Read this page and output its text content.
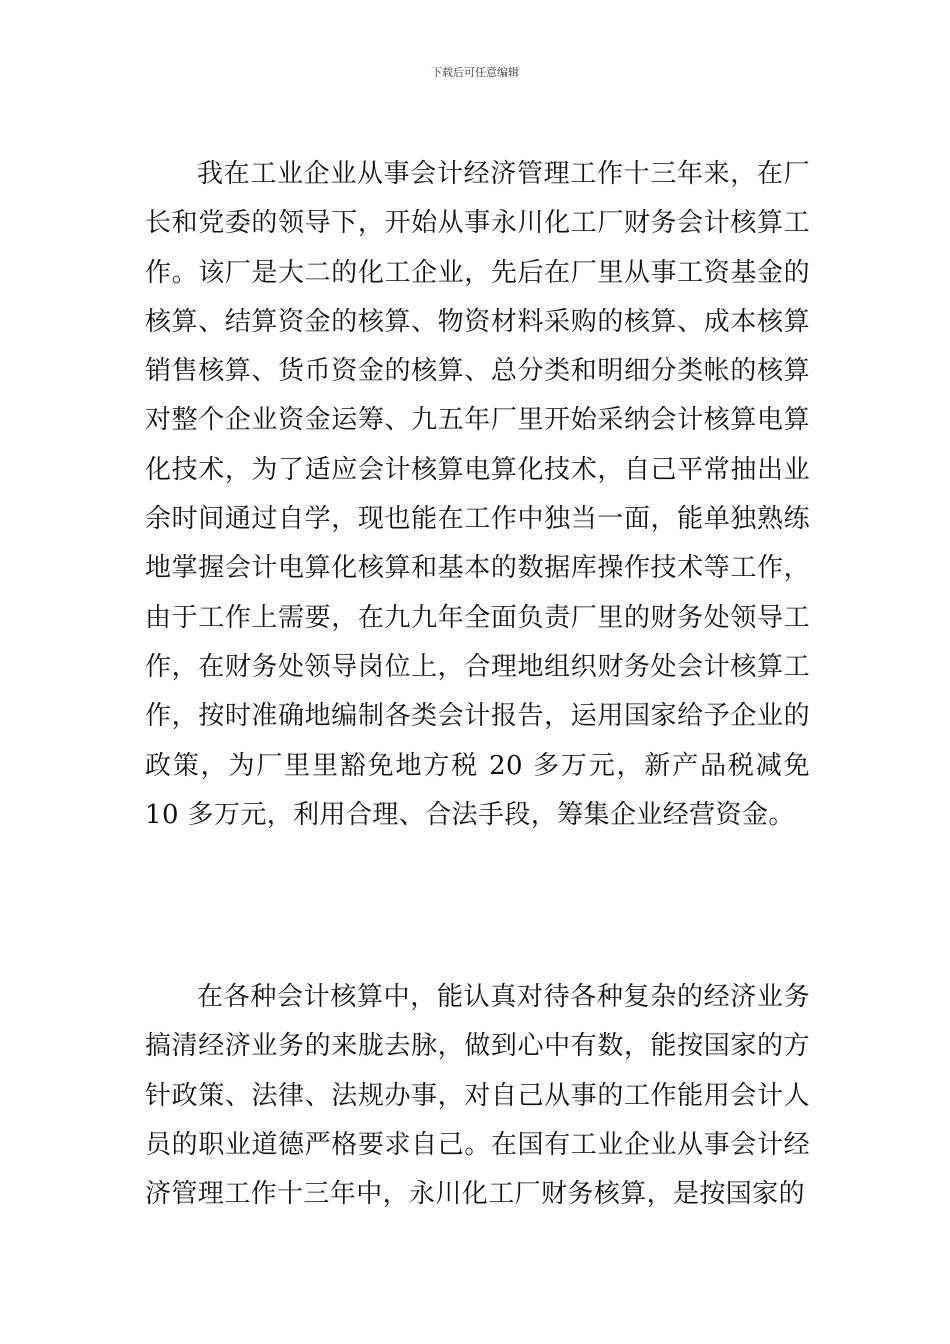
下载后可任意编辑

我在工业企业从事会计经济管理工作十三年来，在厂长和党委的领导下，开始从事永川化工厂财务会计核算工作。该厂是大二的化工企业，先后在厂里从事工资基金的核算、结算资金的核算、物资材料采购的核算、成本核算销售核算、货币资金的核算、总分类和明细分类帐的核算对整个企业资金运筹、九五年厂里开始采纳会计核算电算化技术，为了适应会计核算电算化技术，自己平常抽出业余时间通过自学，现也能在工作中独当一面，能单独熟练地掌握会计电算化核算和基本的数据库操作技术等工作，由于工作上需要，在九九年全面负责厂里的财务处领导工作，在财务处领导岗位上，合理地组织财务处会计核算工作，按时准确地编制各类会计报告，运用国家给予企业的政策，为厂里里豁免地方税 20 多万元，新产品税减免 10 多万元，利用合理、合法手段，筹集企业经营资金。

在各种会计核算中，能认真对待各种复杂的经济业务搞清经济业务的来胧去脉，做到心中有数，能按国家的方针政策、法律、法规办事，对自己从事的工作能用会计人员的职业道德严格要求自己。在国有工业企业从事会计经济管理工作十三年中，永川化工厂财务核算，是按国家的
